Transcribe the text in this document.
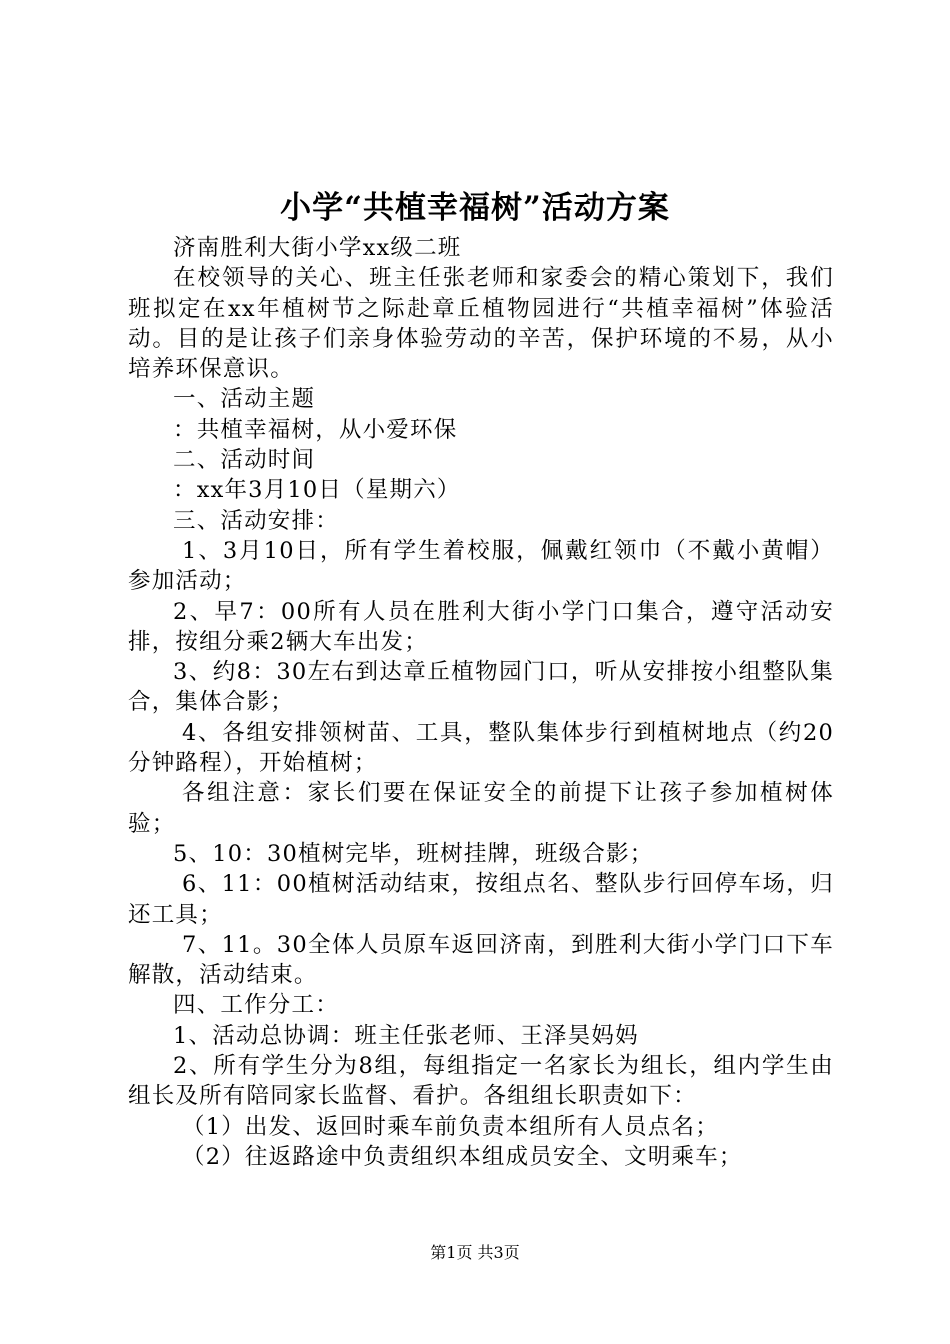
小学“共植幸福树”活动方案

济南胜利大街小学xx级二班

在校领导的关心、班主任张老师和家委会的精心策划下，我们班拟定在xx年植树节之际赴章丘植物园进行“共植幸福树”体验活动。目的是让孩子们亲身体验劳动的辛苦，保护环境的不易，从小培养环保意识。

一、活动主题

：共植幸福树，从小爱环保

二、活动时间

：xx年3月10日（星期六）

三、活动安排：

1、3月10日，所有学生着校服，佩戴红领巾（不戴小黄帽）参加活动；

2、早7：00所有人员在胜利大街小学门口集合，遵守活动安排，按组分乘2辆大车出发；

3、约8：30左右到达章丘植物园门口，听从安排按小组整队集合，集体合影；

4、各组安排领树苗、工具，整队集体步行到植树地点（约20分钟路程），开始植树；

各组注意：家长们要在保证安全的前提下让孩子参加植树体验；

5、10：30植树完毕，班树挂牌，班级合影；

6、11：00植树活动结束，按组点名、整队步行回停车场，归还工具；

7、11。30全体人员原车返回济南，到胜利大街小学门口下车解散，活动结束。

四、工作分工：

1、活动总协调：班主任张老师、王泽昊妈妈

2、所有学生分为8组，每组指定一名家长为组长，组内学生由组长及所有陪同家长监督、看护。各组组长职责如下：

（1）出发、返回时乘车前负责本组所有人员点名；

（2）往返路途中负责组织本组成员安全、文明乘车；

第1页 共3页
